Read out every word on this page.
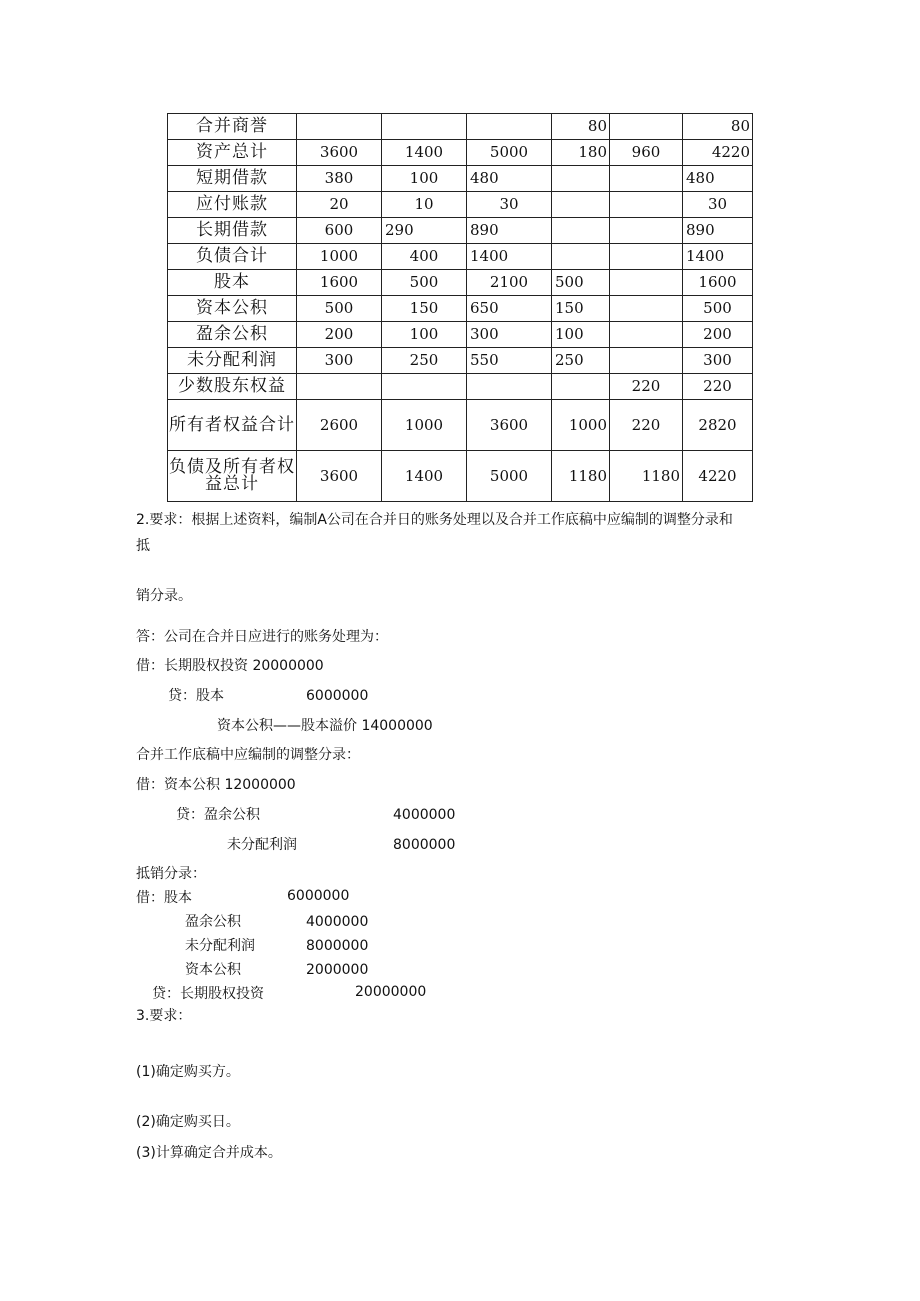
合并商誉				80		80
资产总计	3600	1400	5000	180	960	4220
短期借款	380	100	480			480
应付账款	20	10	30			30
长期借款	600	290	890			890
负债合计	1000	400	1400			1400
股本	1600	500	2100	500		1600
资本公积	500	150	650	150		500
盈余公积	200	100	300	100		200
未分配利润	300	250	550	250		300
少数股东权益					220	220
所有者权益合计	2600	1000	3600	1000	220	2820
负债及所有者权益总计	3600	1400	5000	1180	1180	4220
2.要求：根据上述资料，编制A公司在合并日的账务处理以及合并工作底稿中应编制的调整分录和
抵
销分录。
答：公司在合并日应进行的账务处理为：
借：长期股权投资 20000000
贷：股本	6000000
资本公积——股本溢价 14000000
合并工作底稿中应编制的调整分录：
借：资本公积 12000000
贷：盈余公积	4000000
未分配利润	8000000
抵销分录：
借：股本	6000000
盈余公积	4000000
未分配利润	8000000
资本公积	2000000
贷：长期股权投资	20000000
3.要求：
(1)确定购买方。
(2)确定购买日。
(3)计算确定合并成本。
